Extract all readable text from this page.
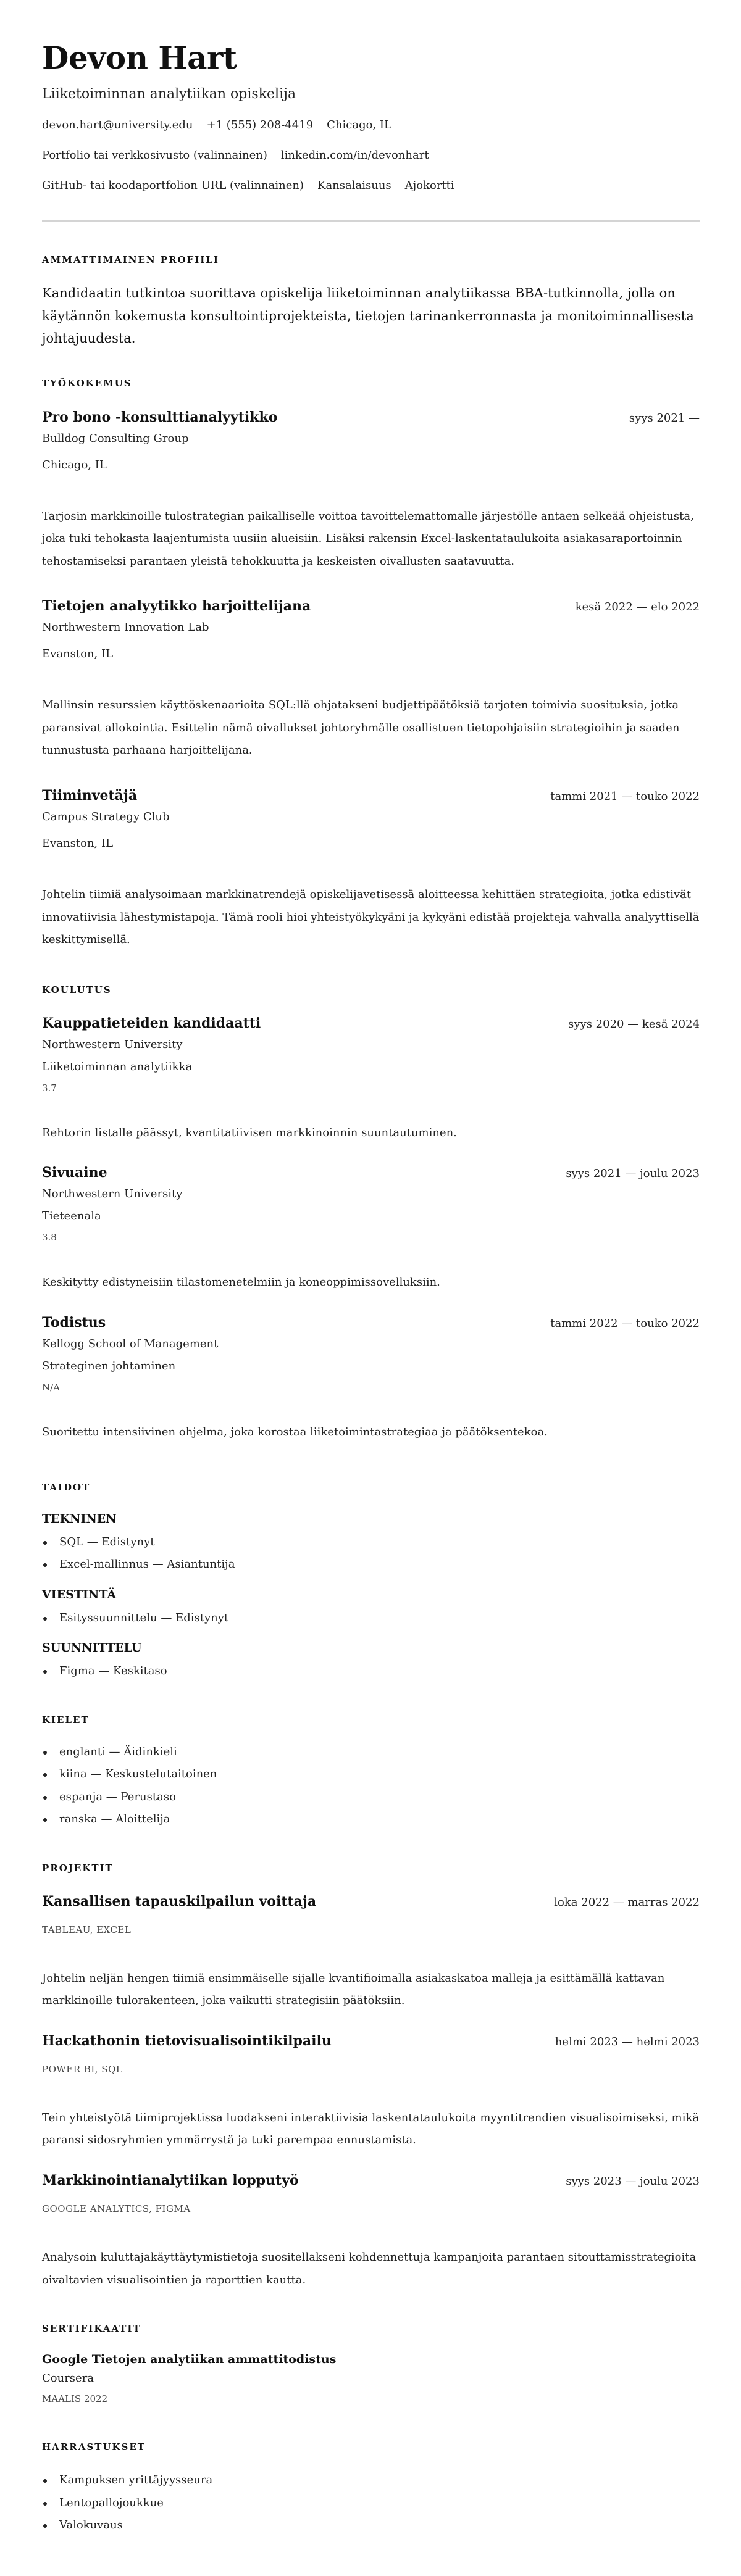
Devon Hart
Liiketoiminnan analytiikan opiskelija
devon.hart@university.edu +1 (555) 208-4419 Chicago, IL
Portfolio tai verkkosivusto (valinnainen) linkedin.com/in/devonhart
GitHub- tai koodaportfolion URL (valinnainen) Kansalaisuus Ajokortti
AMMATTIMAINEN PROFIILI
Kandidaatin tutkintoa suorittava opiskelija liiketoiminnan analytiikassa BBA-tutkinnolla, jolla on käytännön kokemusta konsultointiprojekteista, tietojen tarinankerronnasta ja monitoiminnallisesta johtajuudesta.
TYÖKOKEMUS
Pro bono -konsulttianalyytikko	syys 2021 —
Bulldog Consulting Group
Chicago, IL
Tarjosin markkinoille tulostrategian paikalliselle voittoa tavoittelemattomalle järjestölle antaen selkeää ohjeistusta, joka tuki tehokasta laajentumista uusiin alueisiin. Lisäksi rakensin Excel-laskentataulukoita asiakasaraportoinnin tehostamiseksi parantaen yleistä tehokkuutta ja keskeisten oivallusten saatavuutta.
Tietojen analyytikko harjoittelijana	kesä 2022 — elo 2022
Northwestern Innovation Lab
Evanston, IL
Mallinsin resurssien käyttöskenaarioita SQL:llä ohjatakseni budjettipäätöksiä tarjoten toimivia suosituksia, jotka paransivat allokointia. Esittelin nämä oivallukset johtoryhmälle osallistuen tietopohjaisiin strategioihin ja saaden tunnustusta parhaana harjoittelijana.
Tiiminvetäjä	tammi 2021 — touko 2022
Campus Strategy Club
Evanston, IL
Johtelin tiimiä analysoimaan markkinatrendejä opiskelijavetisessä aloitteessa kehittäen strategioita, jotka edistivät innovatiivisia lähestymistapoja. Tämä rooli hioi yhteistyökykyäni ja kykyäni edistää projekteja vahvalla analyyttisellä keskittymisellä.
KOULUTUS
Kauppatieteiden kandidaatti	syys 2020 — kesä 2024
Northwestern University
Liiketoiminnan analytiikka
3.7
Rehtorin listalle päässyt, kvantitatiivisen markkinoinnin suuntautuminen.
Sivuaine	syys 2021 — joulu 2023
Northwestern University
Tieteenala
3.8
Keskitytty edistyneisiin tilastomenetelmiin ja koneoppimissovelluksiin.
Todistus	tammi 2022 — touko 2022
Kellogg School of Management
Strateginen johtaminen
N/A
Suoritettu intensiivinen ohjelma, joka korostaa liiketoimintastrategiaa ja päätöksentekoa.
TAIDOT
TEKNINEN
SQL — Edistynyt
Excel-mallinnus — Asiantuntija
VIESTINTÄ
Esityssuunnittelu — Edistynyt
SUUNNITTELU
Figma — Keskitaso
KIELET
englanti — Äidinkieli
kiina — Keskustelutaitoinen
espanja — Perustaso
ranska — Aloittelija
PROJEKTIT
Kansallisen tapauskilpailun voittaja	loka 2022 — marras 2022
TABLEAU, EXCEL
Johtelin neljän hengen tiimiä ensimmäiselle sijalle kvantifioimalla asiakaskatoa malleja ja esittämällä kattavan markkinoille tulorakenteen, joka vaikutti strategisiin päätöksiin.
Hackathonin tietovisualisointikilpailu	helmi 2023 — helmi 2023
POWER BI, SQL
Tein yhteistyötä tiimiprojektissa luodakseni interaktiivisia laskentataulukoita myyntitrendien visualisoimiseksi, mikä paransi sidosryhmien ymmärrystä ja tuki parempaa ennustamista.
Markkinointianalytiikan lopputyö	syys 2023 — joulu 2023
GOOGLE ANALYTICS, FIGMA
Analysoin kuluttajakäyttäytymistietoja suositellakseni kohdennettuja kampanjoita parantaen sitouttamisstrategioita oivaltavien visualisointien ja raporttien kautta.
SERTIFIKAATIT
Google Tietojen analytiikan ammattitodistus
Coursera
MAALIS 2022
HARRASTUKSET
Kampuksen yrittäjyysseura
Lentopallojoukkue
Valokuvaus
